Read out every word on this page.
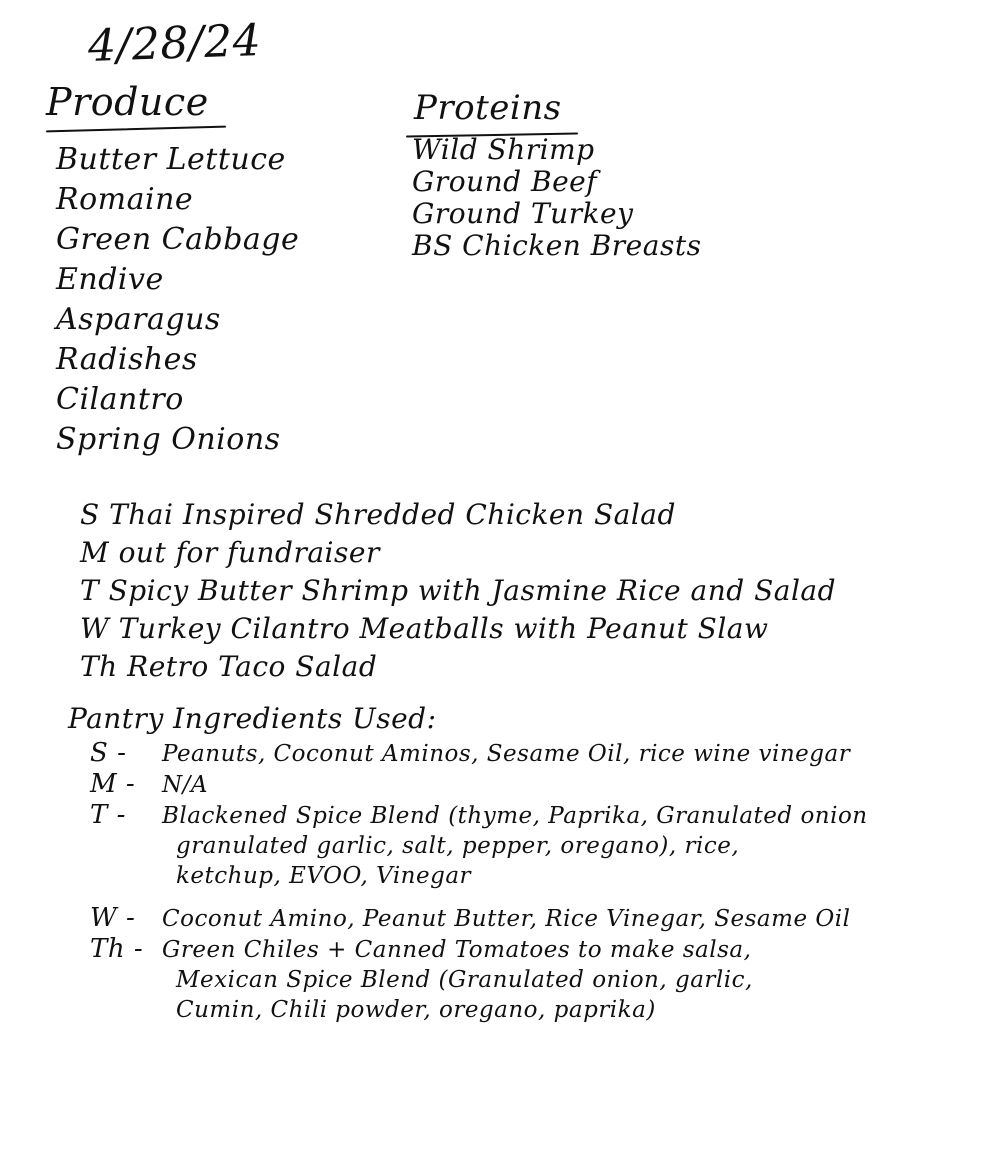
4/28/24
Produce
Butter Lettuce
Romaine
Green Cabbage
Endive
Asparagus
Radishes
Cilantro
Spring Onions
Proteins
Wild Shrimp
Ground Beef
Ground Turkey
BS Chicken Breasts
S Thai Inspired Shredded Chicken Salad
M out for fundraiser
T Spicy Butter Shrimp with Jasmine Rice and Salad
W Turkey Cilantro Meatballs with Peanut Slaw
Th Retro Taco Salad
Pantry Ingredients Used:
S - Peanuts, Coconut Aminos, Sesame Oil, rice wine vinegar
M - N/A
T - Blackened Spice Blend (thyme, Paprika, Granulated onion
granulated garlic, salt, pepper, oregano), rice,
ketchup, EVOO, Vinegar
W - Coconut Amino, Peanut Butter, Rice Vinegar, Sesame Oil
Th - Green Chiles + Canned Tomatoes to make salsa,
Mexican Spice Blend (Granulated onion, garlic,
Cumin, Chili powder, oregano, paprika)
